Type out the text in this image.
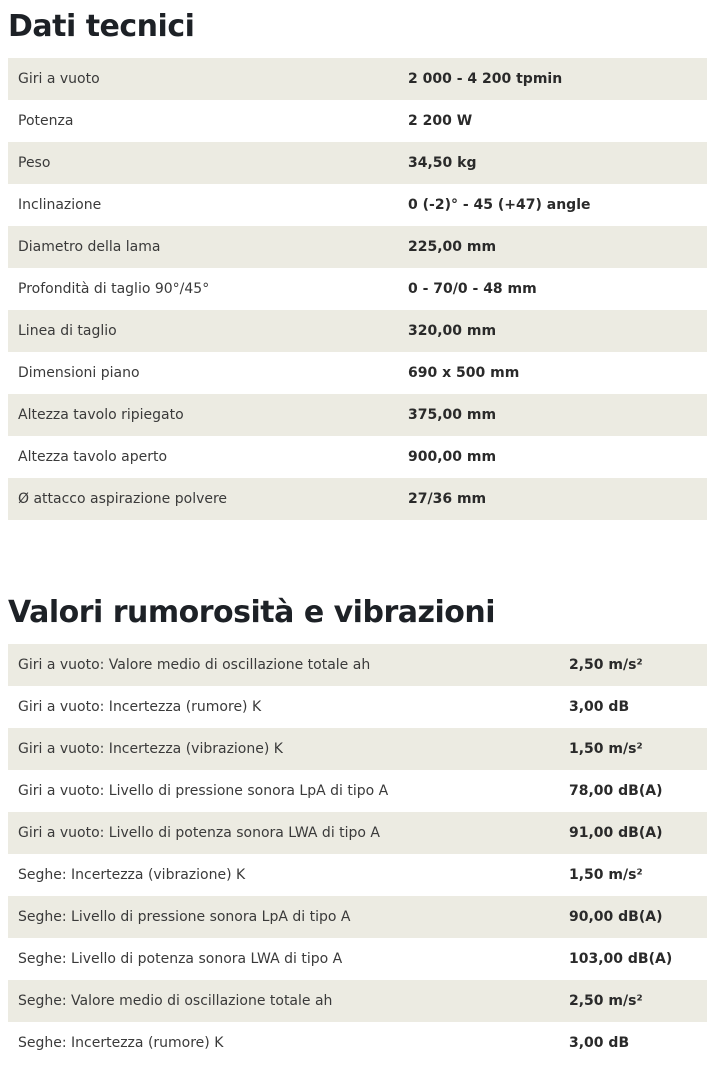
Dati tecnici
Giri a vuoto	2 000 - 4 200 tpmin
Potenza	2 200 W
Peso	34,50 kg
Inclinazione	0 (-2)° - 45 (+47) angle
Diametro della lama	225,00 mm
Profondità di taglio 90°/45°	0 - 70/0 - 48 mm
Linea di taglio	320,00 mm
Dimensioni piano	690 x 500 mm
Altezza tavolo ripiegato	375,00 mm
Altezza tavolo aperto	900,00 mm
Ø attacco aspirazione polvere	27/36 mm
Valori rumorosità e vibrazioni
Giri a vuoto: Valore medio di oscillazione totale ah	2,50 m/s²
Giri a vuoto: Incertezza (rumore) K	3,00 dB
Giri a vuoto: Incertezza (vibrazione) K	1,50 m/s²
Giri a vuoto: Livello di pressione sonora LpA di tipo A	78,00 dB(A)
Giri a vuoto: Livello di potenza sonora LWA di tipo A	91,00 dB(A)
Seghe: Incertezza (vibrazione) K	1,50 m/s²
Seghe: Livello di pressione sonora LpA di tipo A	90,00 dB(A)
Seghe: Livello di potenza sonora LWA di tipo A	103,00 dB(A)
Seghe: Valore medio di oscillazione totale ah	2,50 m/s²
Seghe: Incertezza (rumore) K	3,00 dB
